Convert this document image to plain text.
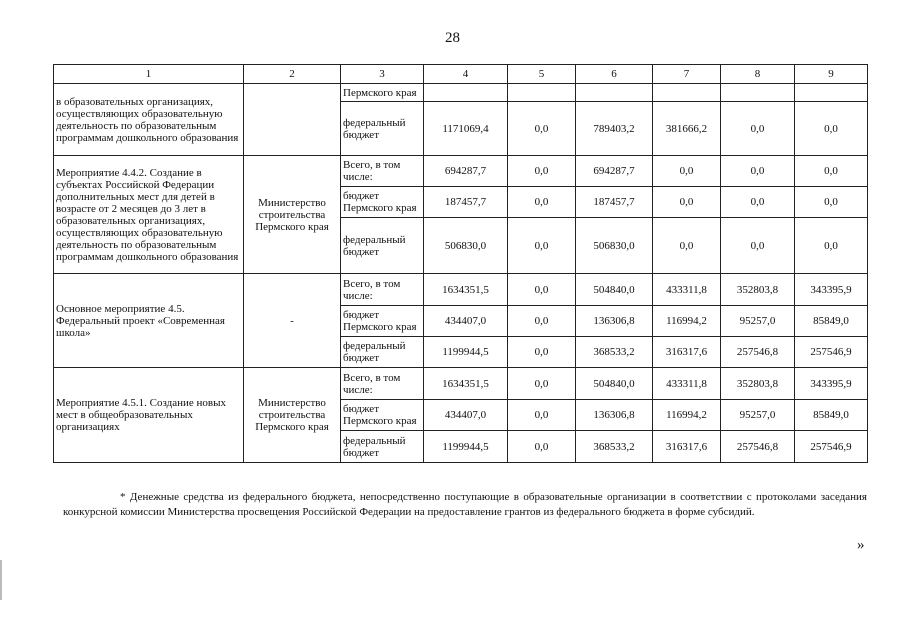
28
1	2	3	4	5	6	7	8	9
в образовательных организациях, осуществляющих образовательную деятельность по образовательным программам дошкольного образования		Пермского края						
		федеральный бюджет	1171069,4	0,0	789403,2	381666,2	0,0	0,0
Мероприятие 4.4.2. Создание в субъектах Российской Федерации дополнительных мест для детей в возрасте от 2 месяцев до 3 лет в образовательных организациях, осуществляющих образовательную деятельность по образовательным программам дошкольного образования	Министерство строительства Пермского края	Всего, в том числе:	694287,7	0,0	694287,7	0,0	0,0	0,0
		бюджет Пермского края	187457,7	0,0	187457,7	0,0	0,0	0,0
		федеральный бюджет	506830,0	0,0	506830,0	0,0	0,0	0,0
Основное мероприятие 4.5. Федеральный проект «Современная школа»	-	Всего, в том числе:	1634351,5	0,0	504840,0	433311,8	352803,8	343395,9
		бюджет Пермского края	434407,0	0,0	136306,8	116994,2	95257,0	85849,0
		федеральный бюджет	1199944,5	0,0	368533,2	316317,6	257546,8	257546,9
Мероприятие 4.5.1. Создание новых мест в общеобразовательных организациях	Министерство строительства Пермского края	Всего, в том числе:	1634351,5	0,0	504840,0	433311,8	352803,8	343395,9
		бюджет Пермского края	434407,0	0,0	136306,8	116994,2	95257,0	85849,0
		федеральный бюджет	1199944,5	0,0	368533,2	316317,6	257546,8	257546,9
* Денежные средства из федерального бюджета, непосредственно поступающие в образовательные организации в соответствии с протоколами заседания конкурсной комиссии Министерства просвещения Российской Федерации на предоставление грантов из федерального бюджета в форме субсидий.
»
